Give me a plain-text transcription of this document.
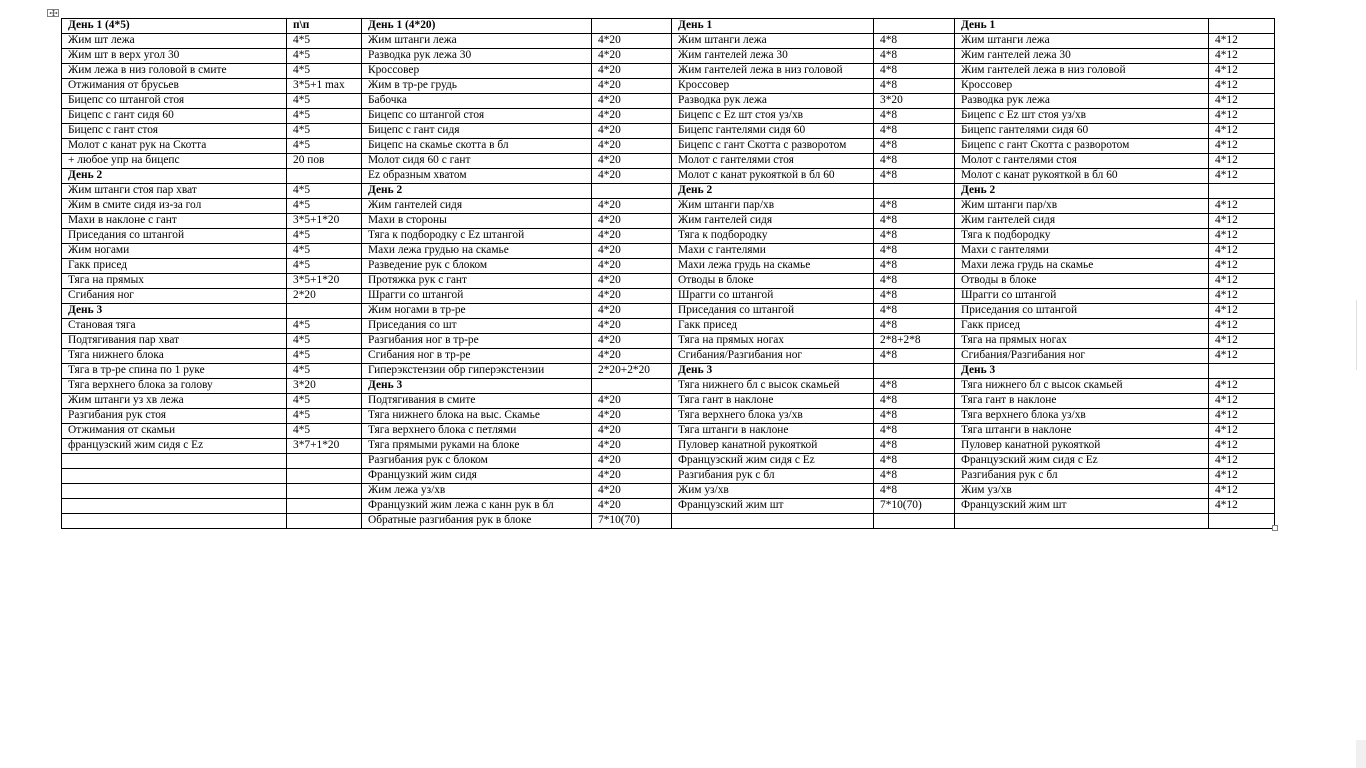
День 1 (4*5)	п\п	День 1 (4*20)		День 1		День 1	
Жим шт лежа	4*5	Жим штанги лежа	4*20	Жим штанги лежа	4*8	Жим штанги лежа	4*12
Жим шт в верх угол 30	4*5	Разводка рук лежа 30	4*20	Жим гантелей лежа 30	4*8	Жим гантелей лежа 30	4*12
Жим лежа в низ головой в смите	4*5	Кроссовер	4*20	Жим гантелей лежа в низ головой	4*8	Жим гантелей лежа в низ головой	4*12
Отжимания от брусьев	3*5+1 max	Жим в тр-ре грудь	4*20	Кроссовер	4*8	Кроссовер	4*12
Бицепс со штангой стоя	4*5	Бабочка	4*20	Разводка рук лежа	3*20	Разводка рук лежа	4*12
Бицепс с гант сидя 60	4*5	Бицепс со штангой стоя	4*20	Бицепс с Ez шт стоя уз/хв	4*8	Бицепс с Ez шт стоя уз/хв	4*12
Бицепс с гант стоя	4*5	Бицепс с гант сидя	4*20	Бицепс гантелями сидя 60	4*8	Бицепс гантелями сидя 60	4*12
Молот с канат рук на Скотта	4*5	Бицепс на скамье скотта в бл	4*20	Бицепс с гант Скотта с разворотом	4*8	Бицепс с гант Скотта с разворотом	4*12
+ любое упр на бицепс	20 пов	Молот сидя 60 с гант	4*20	Молот с гантелями стоя	4*8	Молот с гантелями стоя	4*12
День 2		Ez образным хватом	4*20	Молот с канат рукояткой в бл 60	4*8	Молот с канат рукояткой в бл 60	4*12
Жим штанги стоя пар хват	4*5	День 2		День 2		День 2	
Жим в смите сидя из-за гол	4*5	Жим гантелей сидя	4*20	Жим штанги пар/хв	4*8	Жим штанги пар/хв	4*12
Махи в наклоне с гант	3*5+1*20	Махи в стороны	4*20	Жим гантелей сидя	4*8	Жим гантелей сидя	4*12
Приседания со штангой	4*5	Тяга к подбородку с Ez штангой	4*20	Тяга к подбородку	4*8	Тяга к подбородку	4*12
Жим ногами	4*5	Махи лежа грудью на скамье	4*20	Махи с гантелями	4*8	Махи с гантелями	4*12
Гакк присед	4*5	Разведение рук с блоком	4*20	Махи лежа грудь на скамье	4*8	Махи лежа грудь на скамье	4*12
Тяга на прямых	3*5+1*20	Протяжка рук с гант	4*20	Отводы в блоке	4*8	Отводы в блоке	4*12
Сгибания ног	2*20	Шрагги со штангой	4*20	Шрагги со штангой	4*8	Шрагги со штангой	4*12
День 3		Жим ногами в тр-ре	4*20	Приседания со штангой	4*8	Приседания со штангой	4*12
Становая тяга	4*5	Приседания со шт	4*20	Гакк присед	4*8	Гакк присед	4*12
Подтягивания пар хват	4*5	Разгибания ног в тр-ре	4*20	Тяга на прямых ногах	2*8+2*8	Тяга на прямых ногах	4*12
Тяга нижнего блока	4*5	Сгибания ног в тр-ре	4*20	Сгибания/Разгибания ног	4*8	Сгибания/Разгибания ног	4*12
Тяга в тр-ре спина по 1 руке	4*5	Гиперэкстензии обр гиперэкстензии	2*20+2*20	День 3		День 3	
Тяга верхнего блока за голову	3*20	День 3		Тяга нижнего бл с высок скамьей	4*8	Тяга нижнего бл с высок скамьей	4*12
Жим штанги уз хв лежа	4*5	Подтягивания в смите	4*20	Тяга гант в наклоне	4*8	Тяга гант в наклоне	4*12
Разгибания рук стоя	4*5	Тяга нижнего блока на выс. Скамье	4*20	Тяга верхнего блока уз/хв	4*8	Тяга верхнего блока уз/хв	4*12
Отжимания от скамьи	4*5	Тяга верхнего блока с петлями	4*20	Тяга штанги в наклоне	4*8	Тяга штанги в наклоне	4*12
французский жим сидя с Ez	3*7+1*20	Тяга прямыми руками на блоке	4*20	Пуловер канатной рукояткой	4*8	Пуловер канатной рукояткой	4*12
		Разгибания рук с блоком	4*20	Французский жим сидя с Ez	4*8	Французский жим сидя с Ez	4*12
		Французкий жим сидя	4*20	Разгибания рук с бл	4*8	Разгибания рук с бл	4*12
		Жим лежа уз/хв	4*20	Жим уз/хв	4*8	Жим уз/хв	4*12
		Французкий жим лежа с канн рук в бл	4*20	Французский жим шт	7*10(70)	Французский жим шт	4*12
		Обратные разгибания рук в блоке	7*10(70)				
